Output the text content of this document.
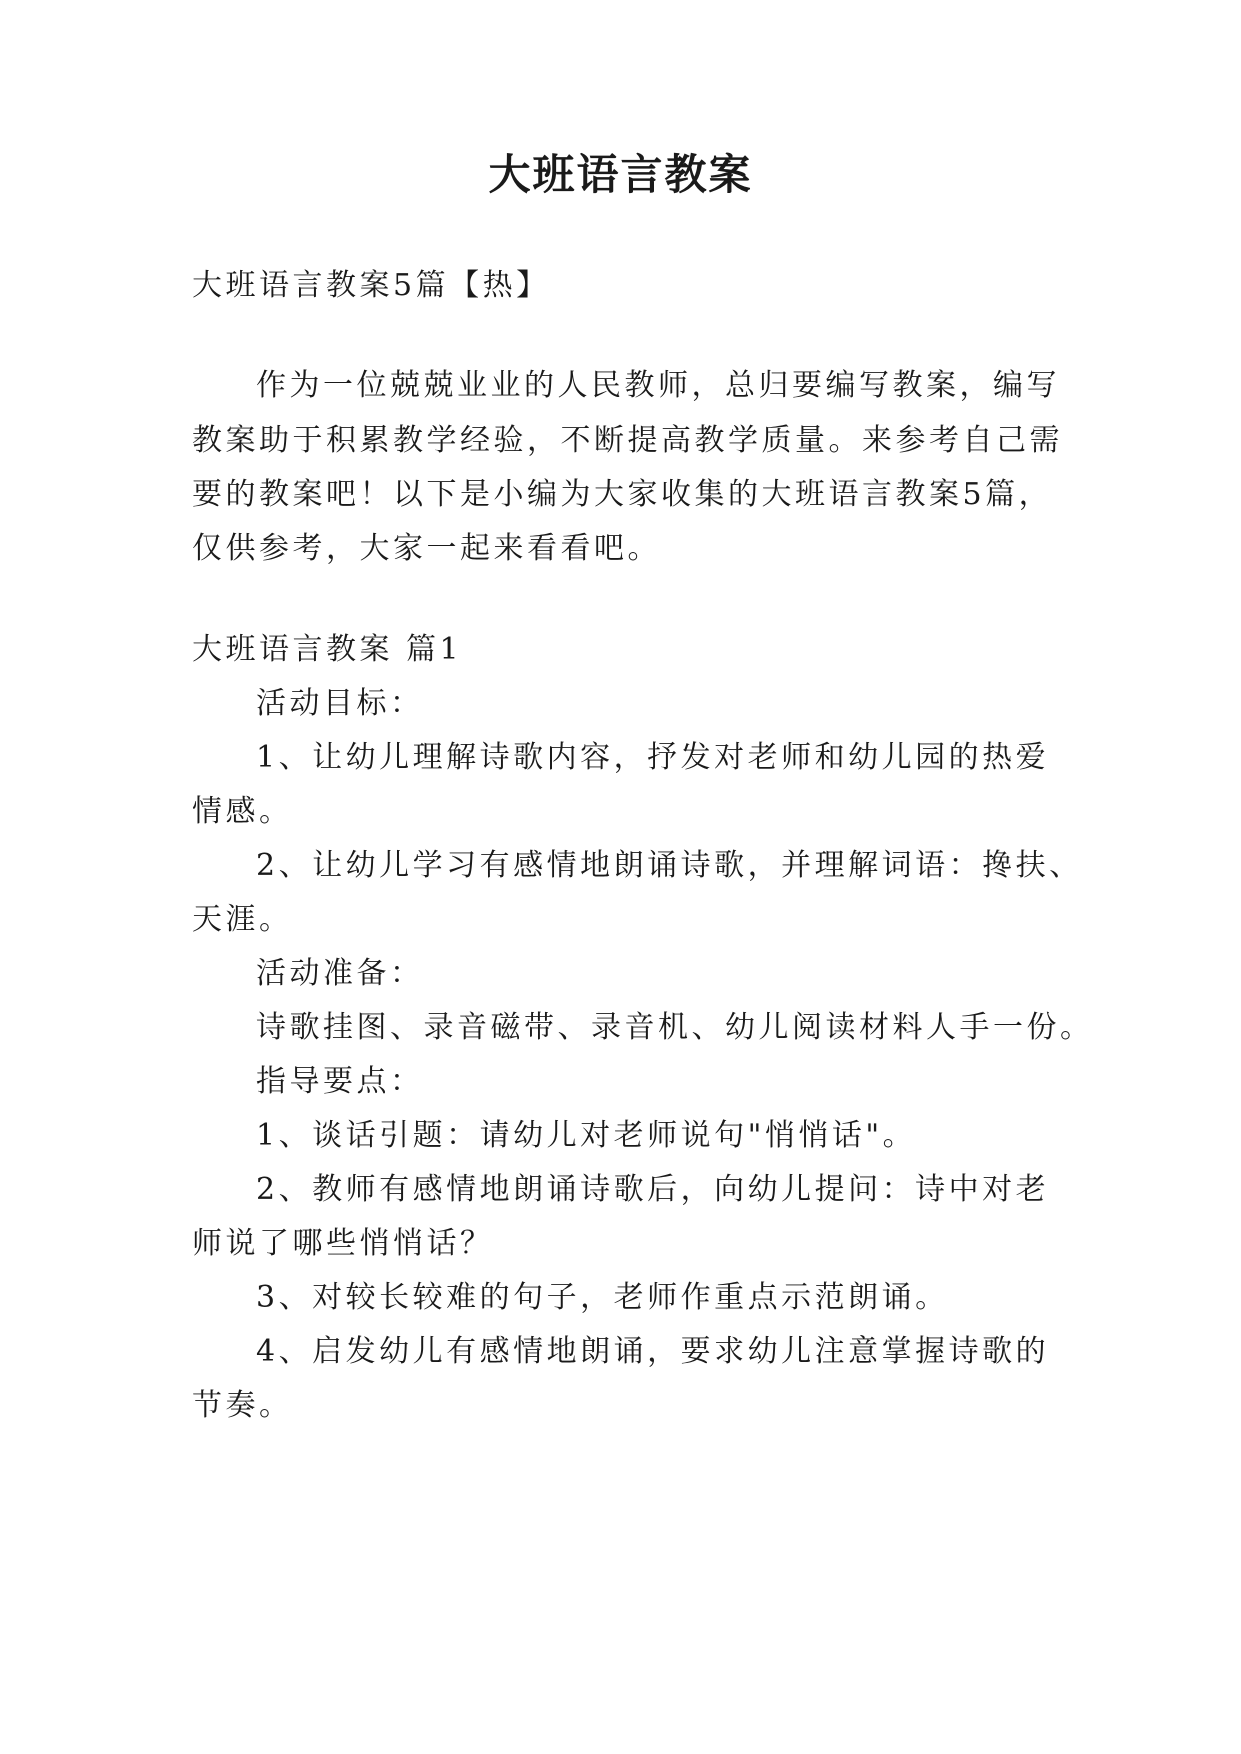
大班语言教案

大班语言教案5篇【热】

作为一位兢兢业业的人民教师，总归要编写教案，编写

教案助于积累教学经验，不断提高教学质量。来参考自己需

要的教案吧！以下是小编为大家收集的大班语言教案5篇，

仅供参考，大家一起来看看吧。

大班语言教案 篇1

活动目标：

1、让幼儿理解诗歌内容，抒发对老师和幼儿园的热爱

情感。

2、让幼儿学习有感情地朗诵诗歌，并理解词语：搀扶、

天涯。

活动准备：

诗歌挂图、录音磁带、录音机、幼儿阅读材料人手一份。

指导要点：

1、谈话引题：请幼儿对老师说句"悄悄话"。

2、教师有感情地朗诵诗歌后，向幼儿提问：诗中对老

师说了哪些悄悄话？

3、对较长较难的句子，老师作重点示范朗诵。

4、启发幼儿有感情地朗诵，要求幼儿注意掌握诗歌的

节奏。
